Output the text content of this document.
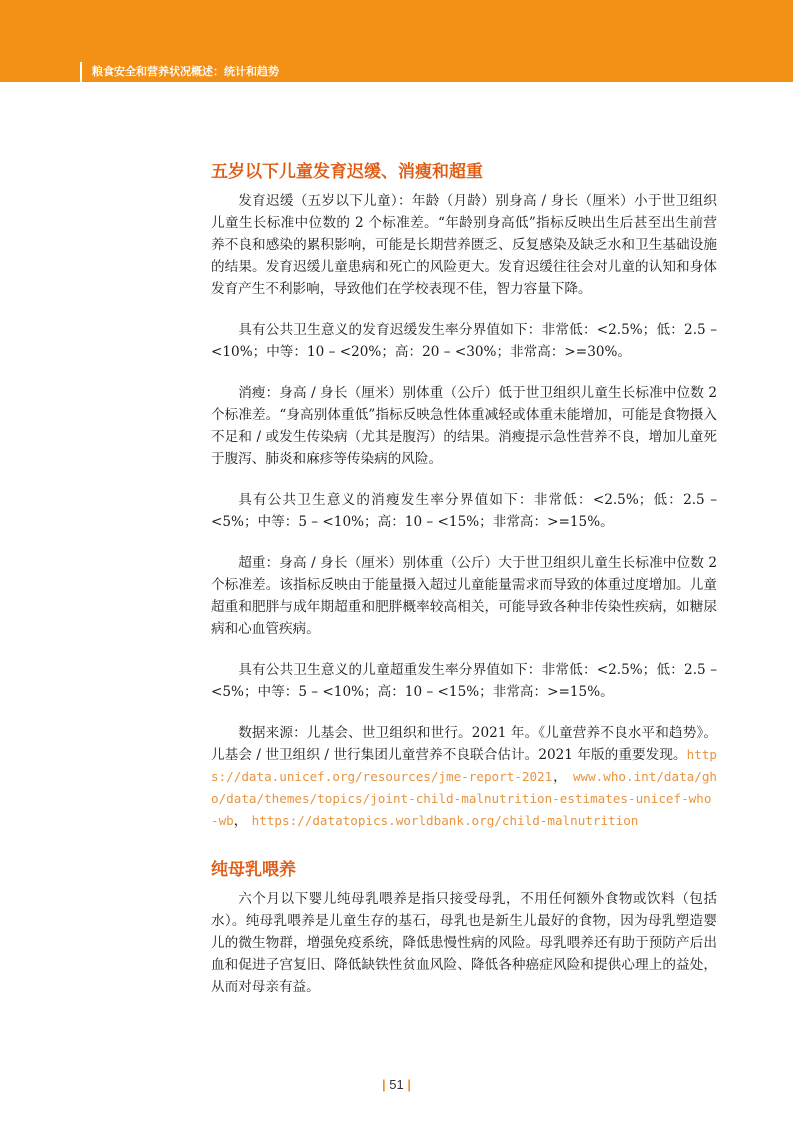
粮食安全和营养状况概述：统计和趋势
五岁以下儿童发育迟缓、消瘦和超重

发育迟缓（五岁以下儿童）：年龄（月龄）别身高 / 身长（厘米）小于世卫组织儿童生长标准中位数的 2 个标准差。“年龄别身高低”指标反映出生后甚至出生前营养不良和感染的累积影响，可能是长期营养匮乏、反复感染及缺乏水和卫生基础设施的结果。发育迟缓儿童患病和死亡的风险更大。发育迟缓往往会对儿童的认知和身体发育产生不利影响，导致他们在学校表现不佳，智力容量下降。

具有公共卫生意义的发育迟缓发生率分界值如下：非常低：<2.5%；低：2.5 – <10%；中等：10 – <20%；高：20 – <30%；非常高：>=30%。

消瘦：身高 / 身长（厘米）别体重（公斤）低于世卫组织儿童生长标准中位数 2 个标准差。“身高别体重低”指标反映急性体重减轻或体重未能增加，可能是食物摄入不足和 / 或发生传染病（尤其是腹泻）的结果。消瘦提示急性营养不良，增加儿童死于腹泻、肺炎和麻疹等传染病的风险。

具有公共卫生意义的消瘦发生率分界值如下：非常低：<2.5%；低：2.5 – <5%；中等：5 – <10%；高：10 – <15%；非常高：>=15%。

超重：身高 / 身长（厘米）别体重（公斤）大于世卫组织儿童生长标准中位数 2 个标准差。该指标反映由于能量摄入超过儿童能量需求而导致的体重过度增加。儿童超重和肥胖与成年期超重和肥胖概率较高相关，可能导致各种非传染性疾病，如糖尿病和心血管疾病。

具有公共卫生意义的儿童超重发生率分界值如下：非常低：<2.5%；低：2.5 – <5%；中等：5 – <10%；高：10 – <15%；非常高：>=15%。

数据来源：儿基会、世卫组织和世行。2021 年。《儿童营养不良水平和趋势》。儿基会 / 世卫组织 / 世行集团儿童营养不良联合估计。2021 年版的重要发现。https://data.unicef.org/resources/jme-report-2021， www.who.int/data/gho/data/themes/topics/joint-child-malnutrition-estimates-unicef-who-wb， https://datatopics.worldbank.org/child-malnutrition

纯母乳喂养

六个月以下婴儿纯母乳喂养是指只接受母乳，不用任何额外食物或饮料（包括水）。纯母乳喂养是儿童生存的基石，母乳也是新生儿最好的食物，因为母乳塑造婴儿的微生物群，增强免疫系统，降低患慢性病的风险。母乳喂养还有助于预防产后出血和促进子宫复旧、降低缺铁性贫血风险、降低各种癌症风险和提供心理上的益处，从而对母亲有益。

| 51 |
